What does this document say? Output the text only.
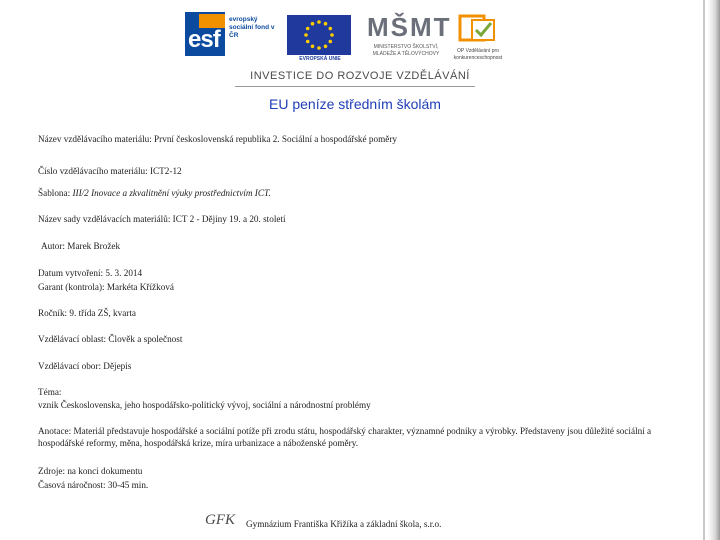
esf
evropský sociální fond v ČR
EVROPSKÁ UNIE
MŠMT
MINISTERSTVO ŠKOLSTVÍ, MLÁDEŽE A TĚLOVÝCHOVY	OP Vzdělávání pro konkurenceschopnost
INVESTICE DO ROZVOJE VZDĚLÁVÁNÍ
EU peníze středním školám
Název vzdělávacího materiálu: První československá republika 2. Sociální a hospodářské poměry
Číslo vzdělávacího materiálu: ICT2-12
Šablona: III/2 Inovace a zkvalitnění výuky prostřednictvím ICT.
Název sady vzdělávacích materiálů: ICT 2 - Dějiny 19. a 20. století
Autor: Marek Brožek
Datum vytvoření: 5. 3. 2014
Garant (kontrola): Markéta Křížková
Ročník: 9. třída ZŠ, kvarta
Vzdělávací oblast: Člověk a společnost
Vzdělávací obor: Dějepis
Téma:
vznik Československa, jeho hospodářsko-politický vývoj, sociální a národnostní problémy
Anotace: Materiál představuje hospodářské a sociální potíže při zrodu státu, hospodářský charakter, významné podniky a výrobky. Představeny jsou důležité sociální a hospodářské reformy, měna, hospodářská krize, míra urbanizace a náboženské poměry.
Zdroje: na konci dokumentu
Časová náročnost: 30-45 min.
GFK Gymnázium Františka Křižíka a základní škola, s.r.o.
